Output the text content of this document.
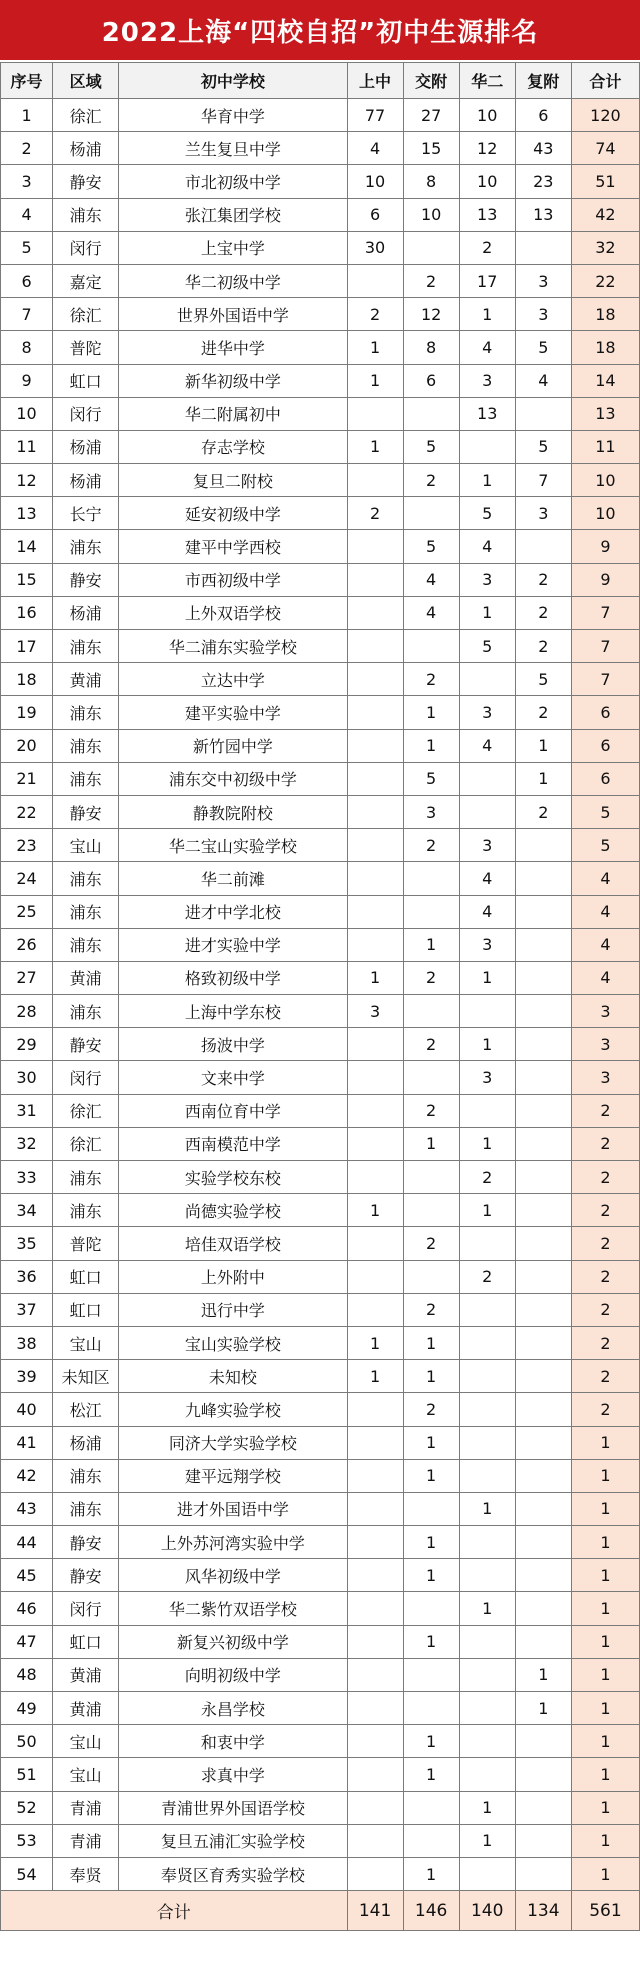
2022上海“四校自招”初中生源排名
序号	区域	初中学校	上中	交附	华二	复附	合计
1	徐汇	华育中学	77	27	10	6	120
2	杨浦	兰生复旦中学	4	15	12	43	74
3	静安	市北初级中学	10	8	10	23	51
4	浦东	张江集团学校	6	10	13	13	42
5	闵行	上宝中学	30		2		32
6	嘉定	华二初级中学		2	17	3	22
7	徐汇	世界外国语中学	2	12	1	3	18
8	普陀	进华中学	1	8	4	5	18
9	虹口	新华初级中学	1	6	3	4	14
10	闵行	华二附属初中			13		13
11	杨浦	存志学校	1	5		5	11
12	杨浦	复旦二附校		2	1	7	10
13	长宁	延安初级中学	2		5	3	10
14	浦东	建平中学西校		5	4		9
15	静安	市西初级中学		4	3	2	9
16	杨浦	上外双语学校		4	1	2	7
17	浦东	华二浦东实验学校			5	2	7
18	黄浦	立达中学		2		5	7
19	浦东	建平实验中学		1	3	2	6
20	浦东	新竹园中学		1	4	1	6
21	浦东	浦东交中初级中学		5		1	6
22	静安	静教院附校		3		2	5
23	宝山	华二宝山实验学校		2	3		5
24	浦东	华二前滩			4		4
25	浦东	进才中学北校			4		4
26	浦东	进才实验中学		1	3		4
27	黄浦	格致初级中学	1	2	1		4
28	浦东	上海中学东校	3				3
29	静安	扬波中学		2	1		3
30	闵行	文来中学			3		3
31	徐汇	西南位育中学		2			2
32	徐汇	西南模范中学		1	1		2
33	浦东	实验学校东校			2		2
34	浦东	尚德实验学校	1		1		2
35	普陀	培佳双语学校		2			2
36	虹口	上外附中			2		2
37	虹口	迅行中学		2			2
38	宝山	宝山实验学校	1	1			2
39	未知区	未知校	1	1			2
40	松江	九峰实验学校		2			2
41	杨浦	同济大学实验学校		1			1
42	浦东	建平远翔学校		1			1
43	浦东	进才外国语中学			1		1
44	静安	上外苏河湾实验中学		1			1
45	静安	风华初级中学		1			1
46	闵行	华二紫竹双语学校			1		1
47	虹口	新复兴初级中学		1			1
48	黄浦	向明初级中学				1	1
49	黄浦	永昌学校				1	1
50	宝山	和衷中学		1			1
51	宝山	求真中学		1			1
52	青浦	青浦世界外国语学校			1		1
53	青浦	复旦五浦汇实验学校			1		1
54	奉贤	奉贤区育秀实验学校		1			1
合计			141	146	140	134	561
